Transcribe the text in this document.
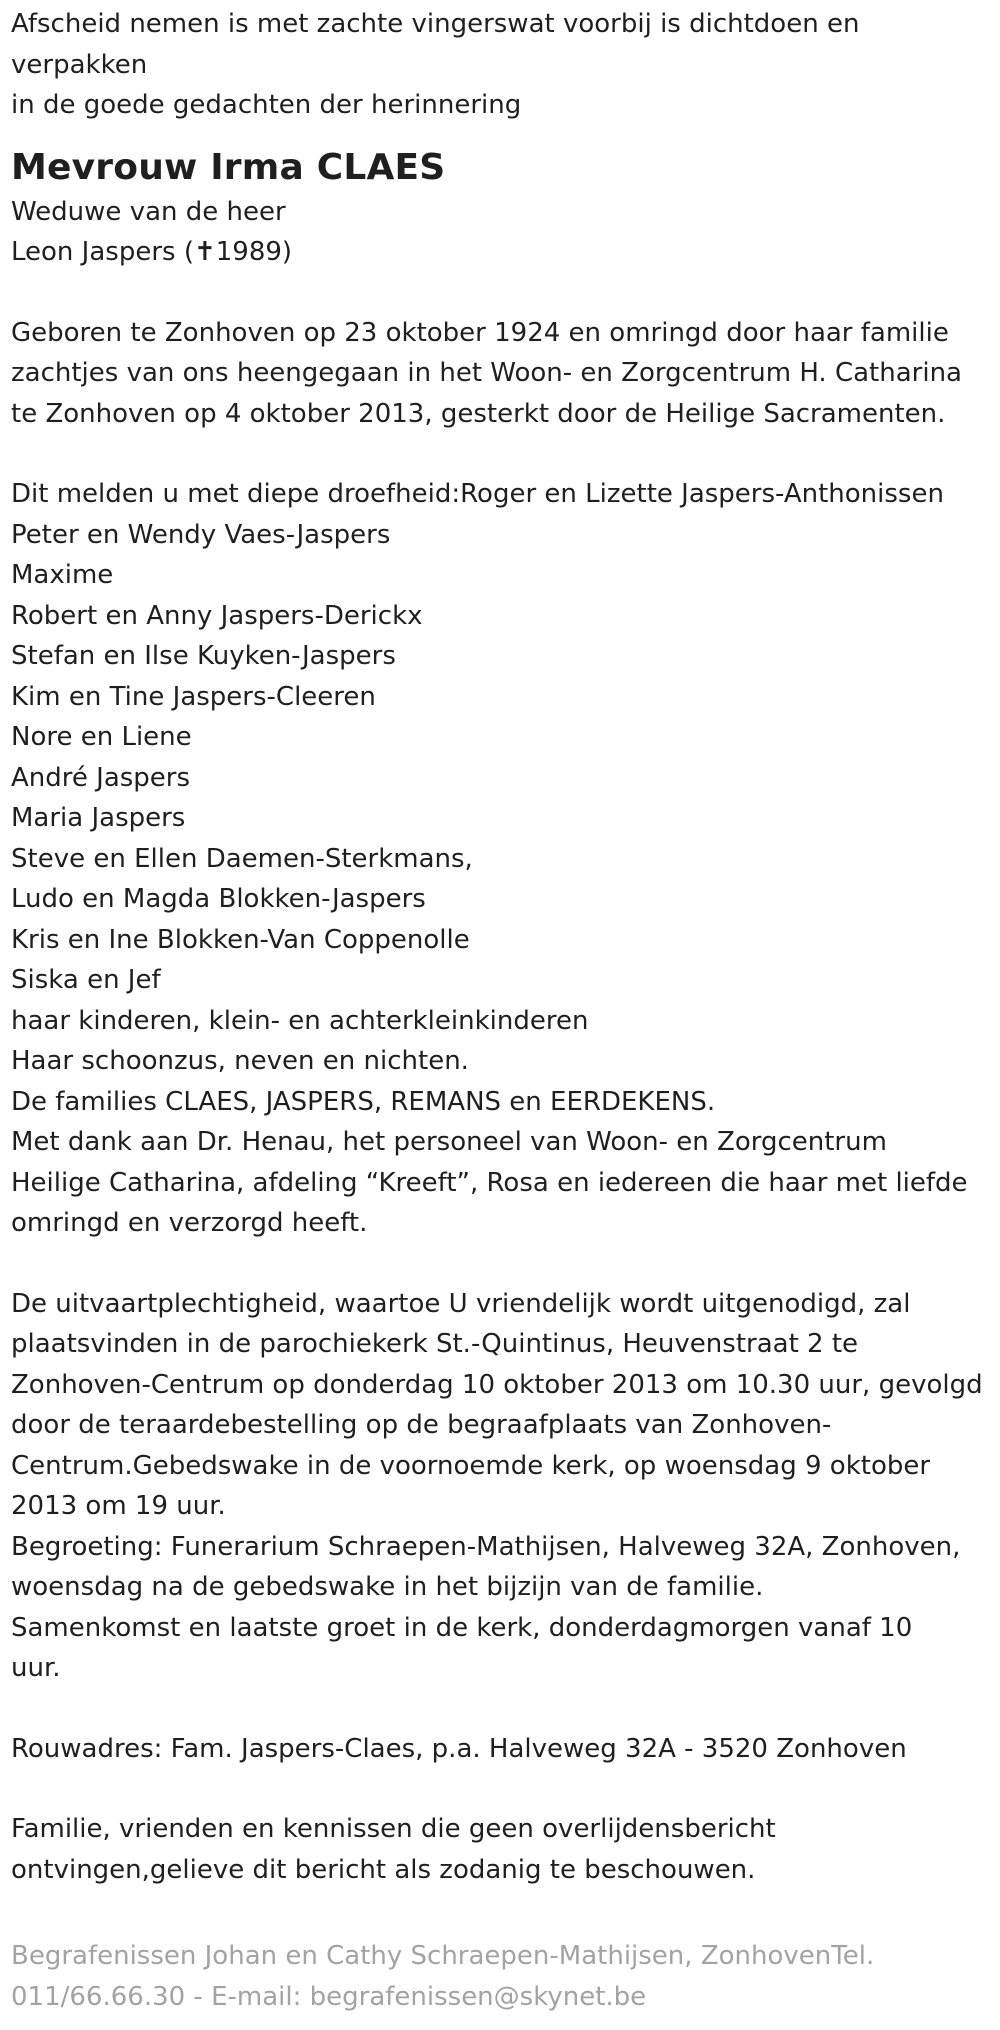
Afscheid nemen is met zachte vingerswat voorbij is dichtdoen en
verpakken
in de goede gedachten der herinnering
Mevrouw Irma CLAES
Weduwe van de heer
Leon Jaspers (✝1989)
Geboren te Zonhoven op 23 oktober 1924 en omringd door haar familie
zachtjes van ons heengegaan in het Woon- en Zorgcentrum H. Catharina
te Zonhoven op 4 oktober 2013, gesterkt door de Heilige Sacramenten.
Dit melden u met diepe droefheid:Roger en Lizette Jaspers-Anthonissen
Peter en Wendy Vaes-Jaspers
Maxime
Robert en Anny Jaspers-Derickx
Stefan en Ilse Kuyken-Jaspers
Kim en Tine Jaspers-Cleeren
Nore en Liene
André Jaspers
Maria Jaspers
Steve en Ellen Daemen-Sterkmans,
Ludo en Magda Blokken-Jaspers
Kris en Ine Blokken-Van Coppenolle
Siska en Jef
haar kinderen, klein- en achterkleinkinderen
Haar schoonzus, neven en nichten.
De families CLAES, JASPERS, REMANS en EERDEKENS.
Met dank aan Dr. Henau, het personeel van Woon- en Zorgcentrum
Heilige Catharina, afdeling “Kreeft”, Rosa en iedereen die haar met liefde
omringd en verzorgd heeft.
De uitvaartplechtigheid, waartoe U vriendelijk wordt uitgenodigd, zal
plaatsvinden in de parochiekerk St.-Quintinus, Heuvenstraat 2 te
Zonhoven-Centrum op donderdag 10 oktober 2013 om 10.30 uur, gevolgd
door de teraardebestelling op de begraafplaats van Zonhoven-
Centrum.Gebedswake in de voornoemde kerk, op woensdag 9 oktober
2013 om 19 uur.
Begroeting: Funerarium Schraepen-Mathijsen, Halveweg 32A, Zonhoven,
woensdag na de gebedswake in het bijzijn van de familie.
Samenkomst en laatste groet in de kerk, donderdagmorgen vanaf 10
uur.
Rouwadres: Fam. Jaspers-Claes, p.a. Halveweg 32A - 3520 Zonhoven
Familie, vrienden en kennissen die geen overlijdensbericht
ontvingen,gelieve dit bericht als zodanig te beschouwen.
Begrafenissen Johan en Cathy Schraepen-Mathijsen, ZonhovenTel.
011/66.66.30 - E-mail: begrafenissen@skynet.be
